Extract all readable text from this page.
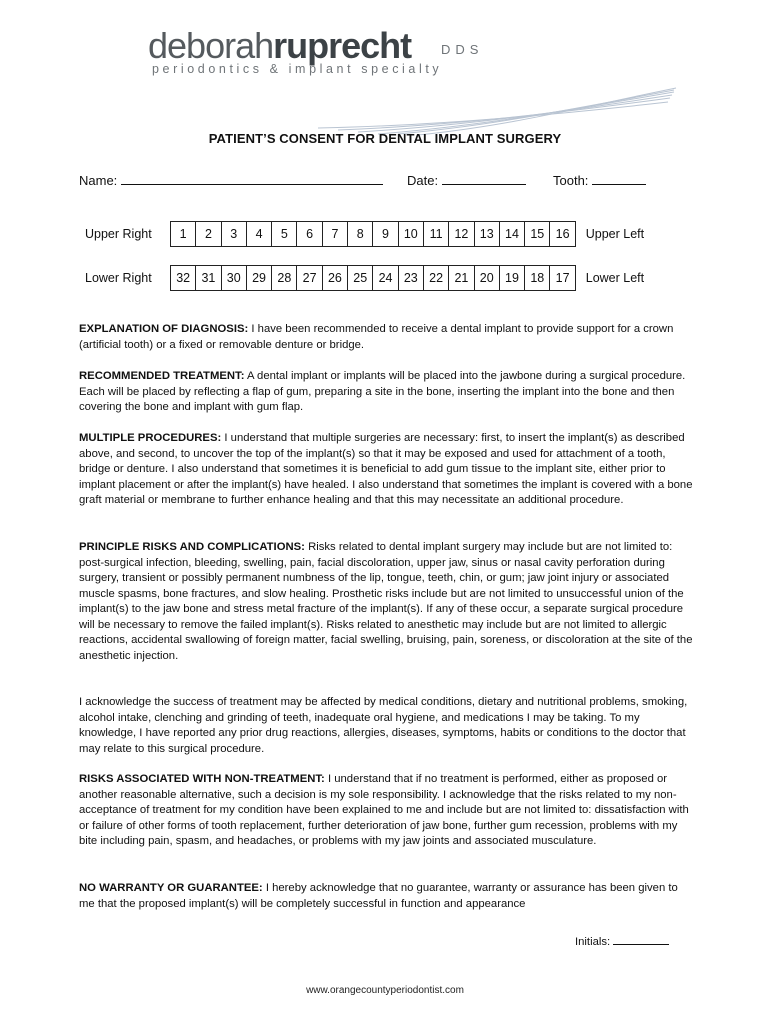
deborahruprecht DDS
periodontics & implant specialty
PATIENT’S CONSENT FOR DENTAL IMPLANT SURGERY
Name:	Date:	Tooth:
Upper Right	1	2	3	4	5	6	7	8	9	10 11 12 13 14 15 16	Upper Left
Lower Right	32 31 30 29 28 27 26 25 24 23 22 21 20 19 18 17	Lower Left
EXPLANATION OF DIAGNOSIS: I have been recommended to receive a dental implant to provide support for a crown (artificial tooth) or a fixed or removable denture or bridge.
RECOMMENDED TREATMENT: A dental implant or implants will be placed into the jawbone during a surgical procedure. Each will be placed by reflecting a flap of gum, preparing a site in the bone, inserting the implant into the bone and then covering the bone and implant with gum flap.
MULTIPLE PROCEDURES: I understand that multiple surgeries are necessary: first, to insert the implant(s) as described above, and second, to uncover the top of the implant(s) so that it may be exposed and used for attachment of a tooth, bridge or denture. I also understand that sometimes it is beneficial to add gum tissue to the implant site, either prior to implant placement or after the implant(s) have healed. I also understand that sometimes the implant is covered with a bone graft material or membrane to further enhance healing and that this may necessitate an additional procedure.
PRINCIPLE RISKS AND COMPLICATIONS: Risks related to dental implant surgery may include but are not limited to: post-surgical infection, bleeding, swelling, pain, facial discoloration, upper jaw, sinus or nasal cavity perforation during surgery, transient or possibly permanent numbness of the lip, tongue, teeth, chin, or gum; jaw joint injury or associated muscle spasms, bone fractures, and slow healing. Prosthetic risks include but are not limited to unsuccessful union of the implant(s) to the jaw bone and stress metal fracture of the implant(s). If any of these occur, a separate surgical procedure will be necessary to remove the failed implant(s). Risks related to anesthetic may include but are not limited to allergic reactions, accidental swallowing of foreign matter, facial swelling, bruising, pain, soreness, or discoloration at the site of the anesthetic injection.
I acknowledge the success of treatment may be affected by medical conditions, dietary and nutritional problems, smoking, alcohol intake, clenching and grinding of teeth, inadequate oral hygiene, and medications I may be taking. To my knowledge, I have reported any prior drug reactions, allergies, diseases, symptoms, habits or conditions to the doctor that may relate to this surgical procedure.
RISKS ASSOCIATED WITH NON-TREATMENT: I understand that if no treatment is performed, either as proposed or another reasonable alternative, such a decision is my sole responsibility. I acknowledge that the risks related to my non-acceptance of treatment for my condition have been explained to me and include but are not limited to: dissatisfaction with or failure of other forms of tooth replacement, further deterioration of jaw bone, further gum recession, problems with my bite including pain, spasm, and headaches, or problems with my jaw joints and associated musculature.
NO WARRANTY OR GUARANTEE: I hereby acknowledge that no guarantee, warranty or assurance has been given to me that the proposed implant(s) will be completely successful in function and appearance
Initials:
www.orangecountyperiodontist.com
